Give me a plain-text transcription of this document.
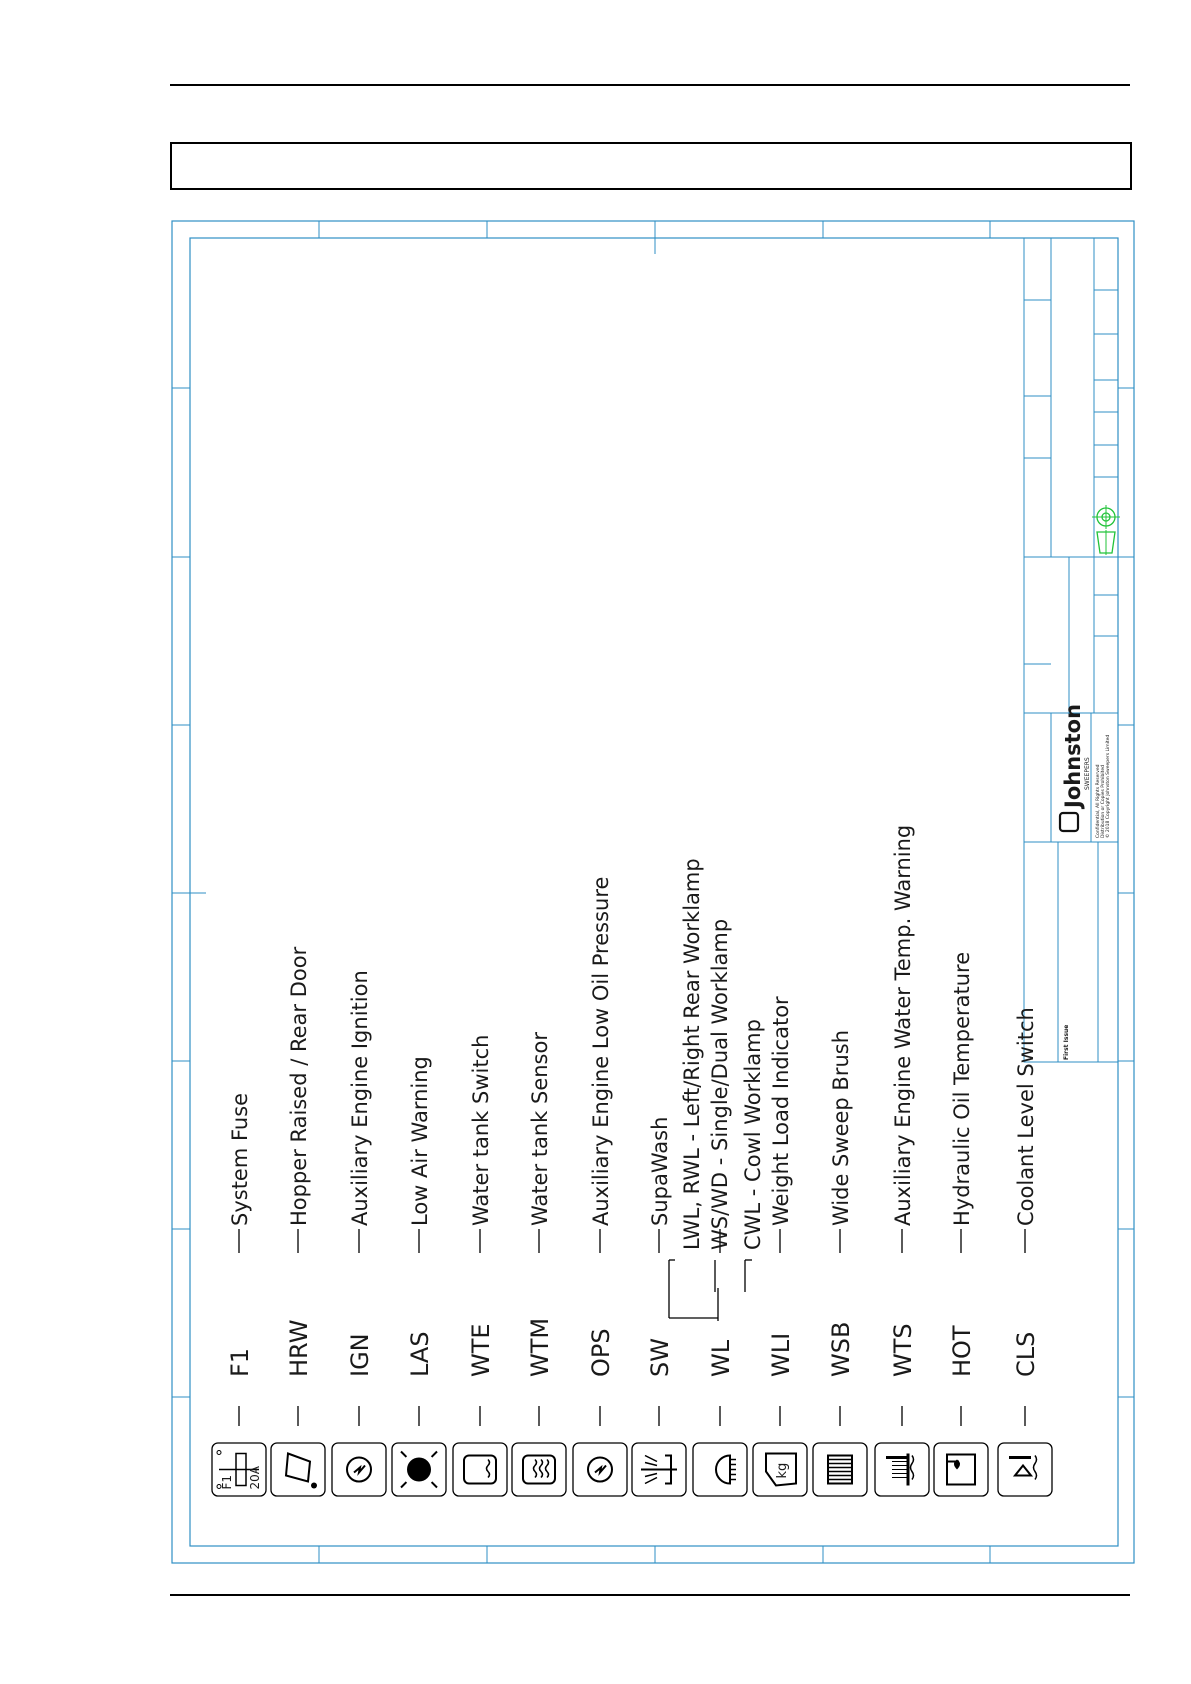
Johnston SWEEPERS Confidential, All Rights Reserved Distribution or Copies Prohibited © 2018 Copyright Johnston Sweepers Limited
First Issue
F1 20A
F1
System Fuse
HRW
Hopper Raised / Rear Door
IGN
Auxiliary Engine Ignition
LAS
Low Air Warning
WTE
Water tank Switch
WTM
Water tank Sensor
OPS
Auxiliary Engine Low Oil Pressure
SW
SupaWash
WL
LWL, RWL - Left/Right Rear Worklamp WS/WD - Single/Dual Worklamp CWL - Cowl Worklamp
kg
WLI
Weight Load Indicator
WSB
Wide Sweep Brush
WTS
Auxiliary Engine Water Temp. Warning
HOT
Hydraulic Oil Temperature
CLS
Coolant Level Switch
